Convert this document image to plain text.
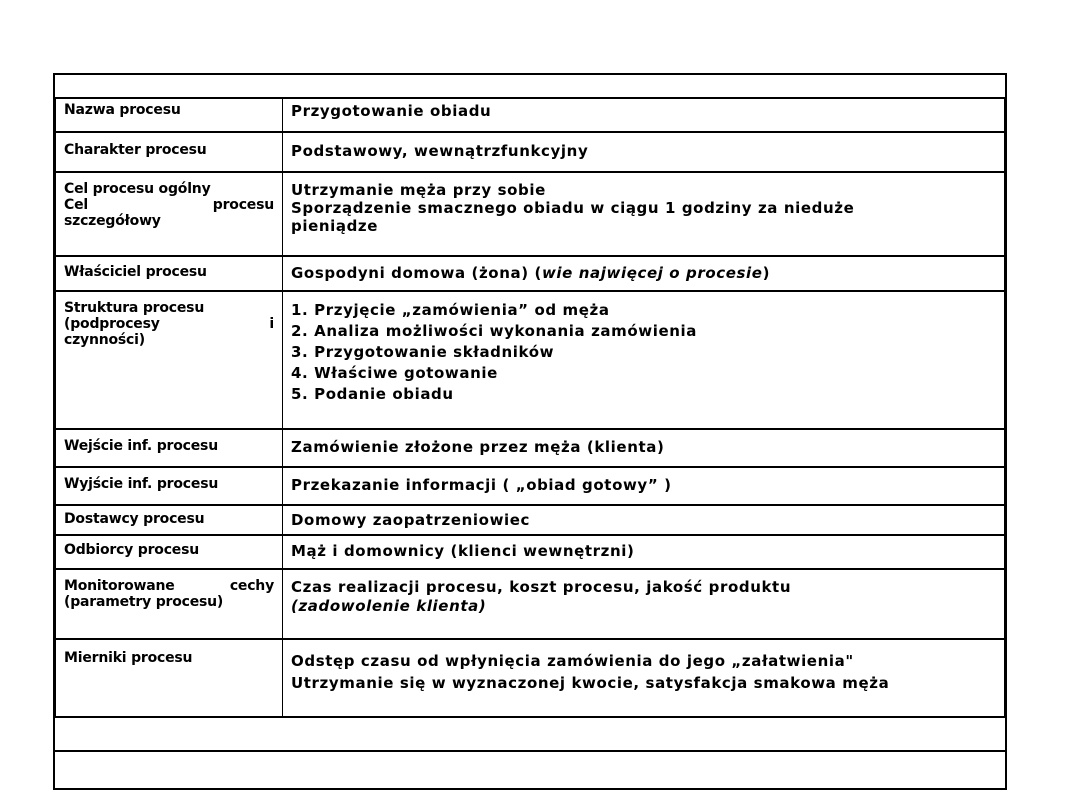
Nazwa procesu	Przygotowanie obiadu
Charakter procesu	Podstawowy, wewnątrzfunkcyjny

Cel procesu ogólny
Cel procesu
szczegółowy	Utrzymanie męża przy sobie
Sporządzenie smacznego obiadu w ciągu 1 godziny za nieduże
pieniądze

Właściciel procesu	Gospodyni domowa (żona) (wie najwięcej o procesie)

Struktura procesu
(podprocesy i
czynności)	1. Przyjęcie „zamówienia” od męża
2. Analiza możliwości wykonania zamówienia
3. Przygotowanie składników
4. Właściwe gotowanie
5. Podanie obiadu

Wejście inf. procesu	Zamówienie złożone przez męża (klienta)
Wyjście inf. procesu	Przekazanie informacji ( „obiad gotowy” )
Dostawcy procesu	Domowy zaopatrzeniowiec
Odbiorcy procesu	Mąż i domownicy (klienci wewnętrzni)

Monitorowane cechy
(parametry procesu)	Czas realizacji procesu, koszt procesu, jakość produktu
(zadowolenie klienta)

Mierniki procesu	Odstęp czasu od wpłynięcia zamówienia do jego „załatwienia"
Utrzymanie się w wyznaczonej kwocie, satysfakcja smakowa męża
